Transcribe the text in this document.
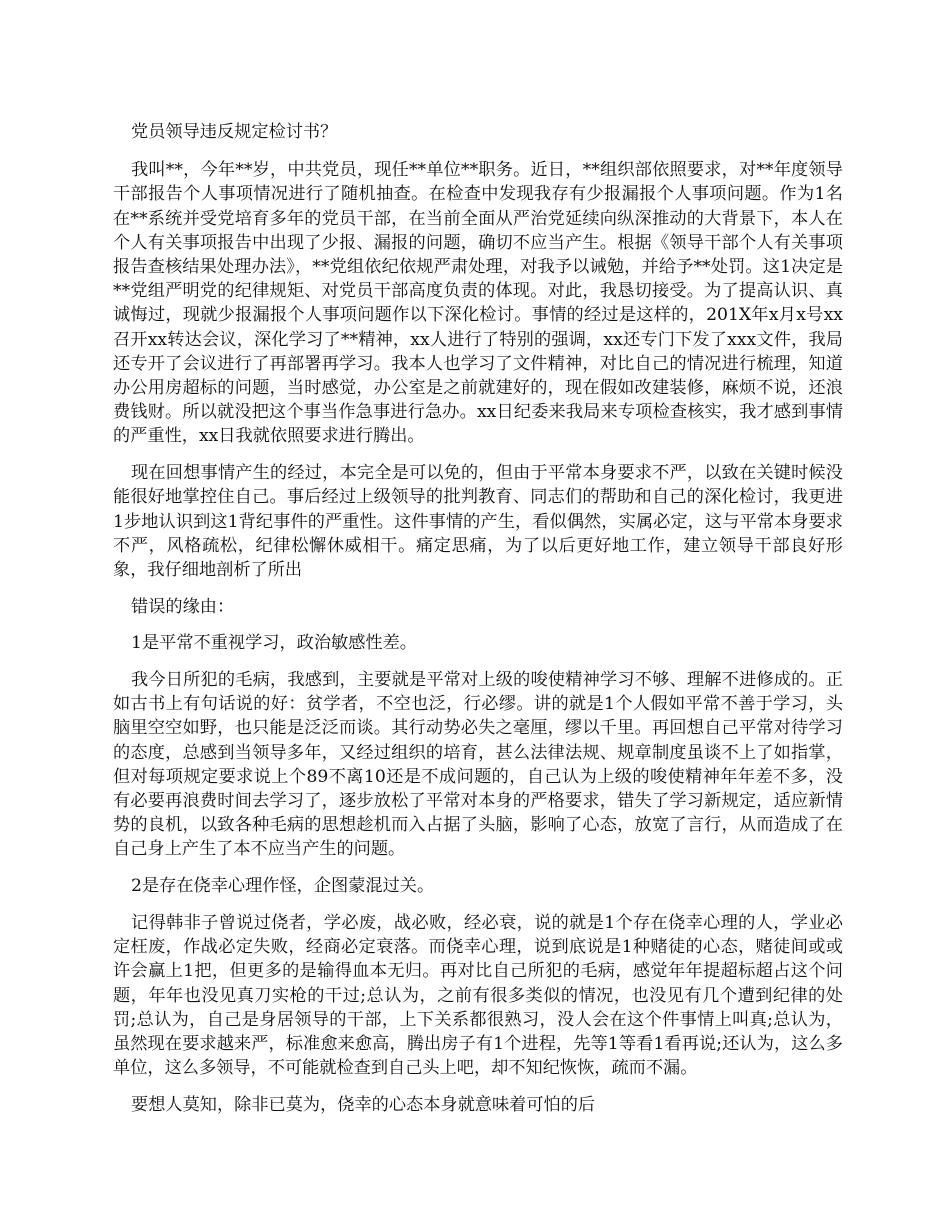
党员领导违反规定检讨书？

我叫**，今年**岁，中共党员，现任**单位**职务。近日，**组织部依照要求，对**年度领导干部报告个人事项情况进行了随机抽查。在检查中发现我存有少报漏报个人事项问题。作为1名在**系统并受党培育多年的党员干部，在当前全面从严治党延续向纵深推动的大背景下，本人在个人有关事项报告中出现了少报、漏报的问题，确切不应当产生。根据《领导干部个人有关事项报告查核结果处理办法》，**党组依纪依规严肃处理，对我予以诫勉，并给予**处罚。这1决定是**党组严明党的纪律规矩、对党员干部高度负责的体现。对此，我恳切接受。为了提高认识、真诚悔过，现就少报漏报个人事项问题作以下深化检讨。事情的经过是这样的，201X年x月x号xx召开xx转达会议，深化学习了**精神，xx人进行了特别的强调，xx还专门下发了xxx文件，我局还专开了会议进行了再部署再学习。我本人也学习了文件精神，对比自己的情况进行梳理，知道办公用房超标的问题，当时感觉，办公室是之前就建好的，现在假如改建装修，麻烦不说，还浪费钱财。所以就没把这个事当作急事进行急办。xx日纪委来我局来专项检查核实，我才感到事情的严重性，xx日我就依照要求进行腾出。

现在回想事情产生的经过，本完全是可以免的，但由于平常本身要求不严，以致在关键时候没能很好地掌控住自己。事后经过上级领导的批判教育、同志们的帮助和自己的深化检讨，我更进1步地认识到这1背纪事件的严重性。这件事情的产生，看似偶然，实属必定，这与平常本身要求不严，风格疏松，纪律松懈休威相干。痛定思痛，为了以后更好地工作，建立领导干部良好形象，我仔细地剖析了所出

错误的缘由：

1是平常不重视学习，政治敏感性差。

我今日所犯的毛病，我感到，主要就是平常对上级的唆使精神学习不够、理解不进修成的。正如古书上有句话说的好：贫学者，不空也泛，行必缪。讲的就是1个人假如平常不善于学习，头脑里空空如野，也只能是泛泛而谈。其行动势必失之毫厘，缪以千里。再回想自己平常对待学习的态度，总感到当领导多年，又经过组织的培育，甚么法律法规、规章制度虽谈不上了如指掌，但对每项规定要求说上个89不离10还是不成问题的，自己认为上级的唆使精神年年差不多，没有必要再浪费时间去学习了，逐步放松了平常对本身的严格要求，错失了学习新规定，适应新情势的良机，以致各种毛病的思想趁机而入占据了头脑，影响了心态，放宽了言行，从而造成了在自己身上产生了本不应当产生的问题。

2是存在侥幸心理作怪，企图蒙混过关。

记得韩非子曾说过侥者，学必废，战必败，经必衰，说的就是1个存在侥幸心理的人，学业必定枉废，作战必定失败，经商必定衰落。而侥幸心理，说到底说是1种赌徒的心态，赌徒间或或许会赢上1把，但更多的是输得血本无归。再对比自己所犯的毛病，感觉年年提超标超占这个问题，年年也没见真刀实枪的干过;总认为，之前有很多类似的情况，也没见有几个遭到纪律的处罚;总认为，自己是身居领导的干部，上下关系都很熟习，没人会在这个件事情上叫真;总认为，虽然现在要求越来严，标准愈来愈高，腾出房子有1个进程，先等1等看1看再说;还认为，这么多单位，这么多领导，不可能就检查到自己头上吧，却不知纪恢恢，疏而不漏。

要想人莫知，除非已莫为，侥幸的心态本身就意味着可怕的后
